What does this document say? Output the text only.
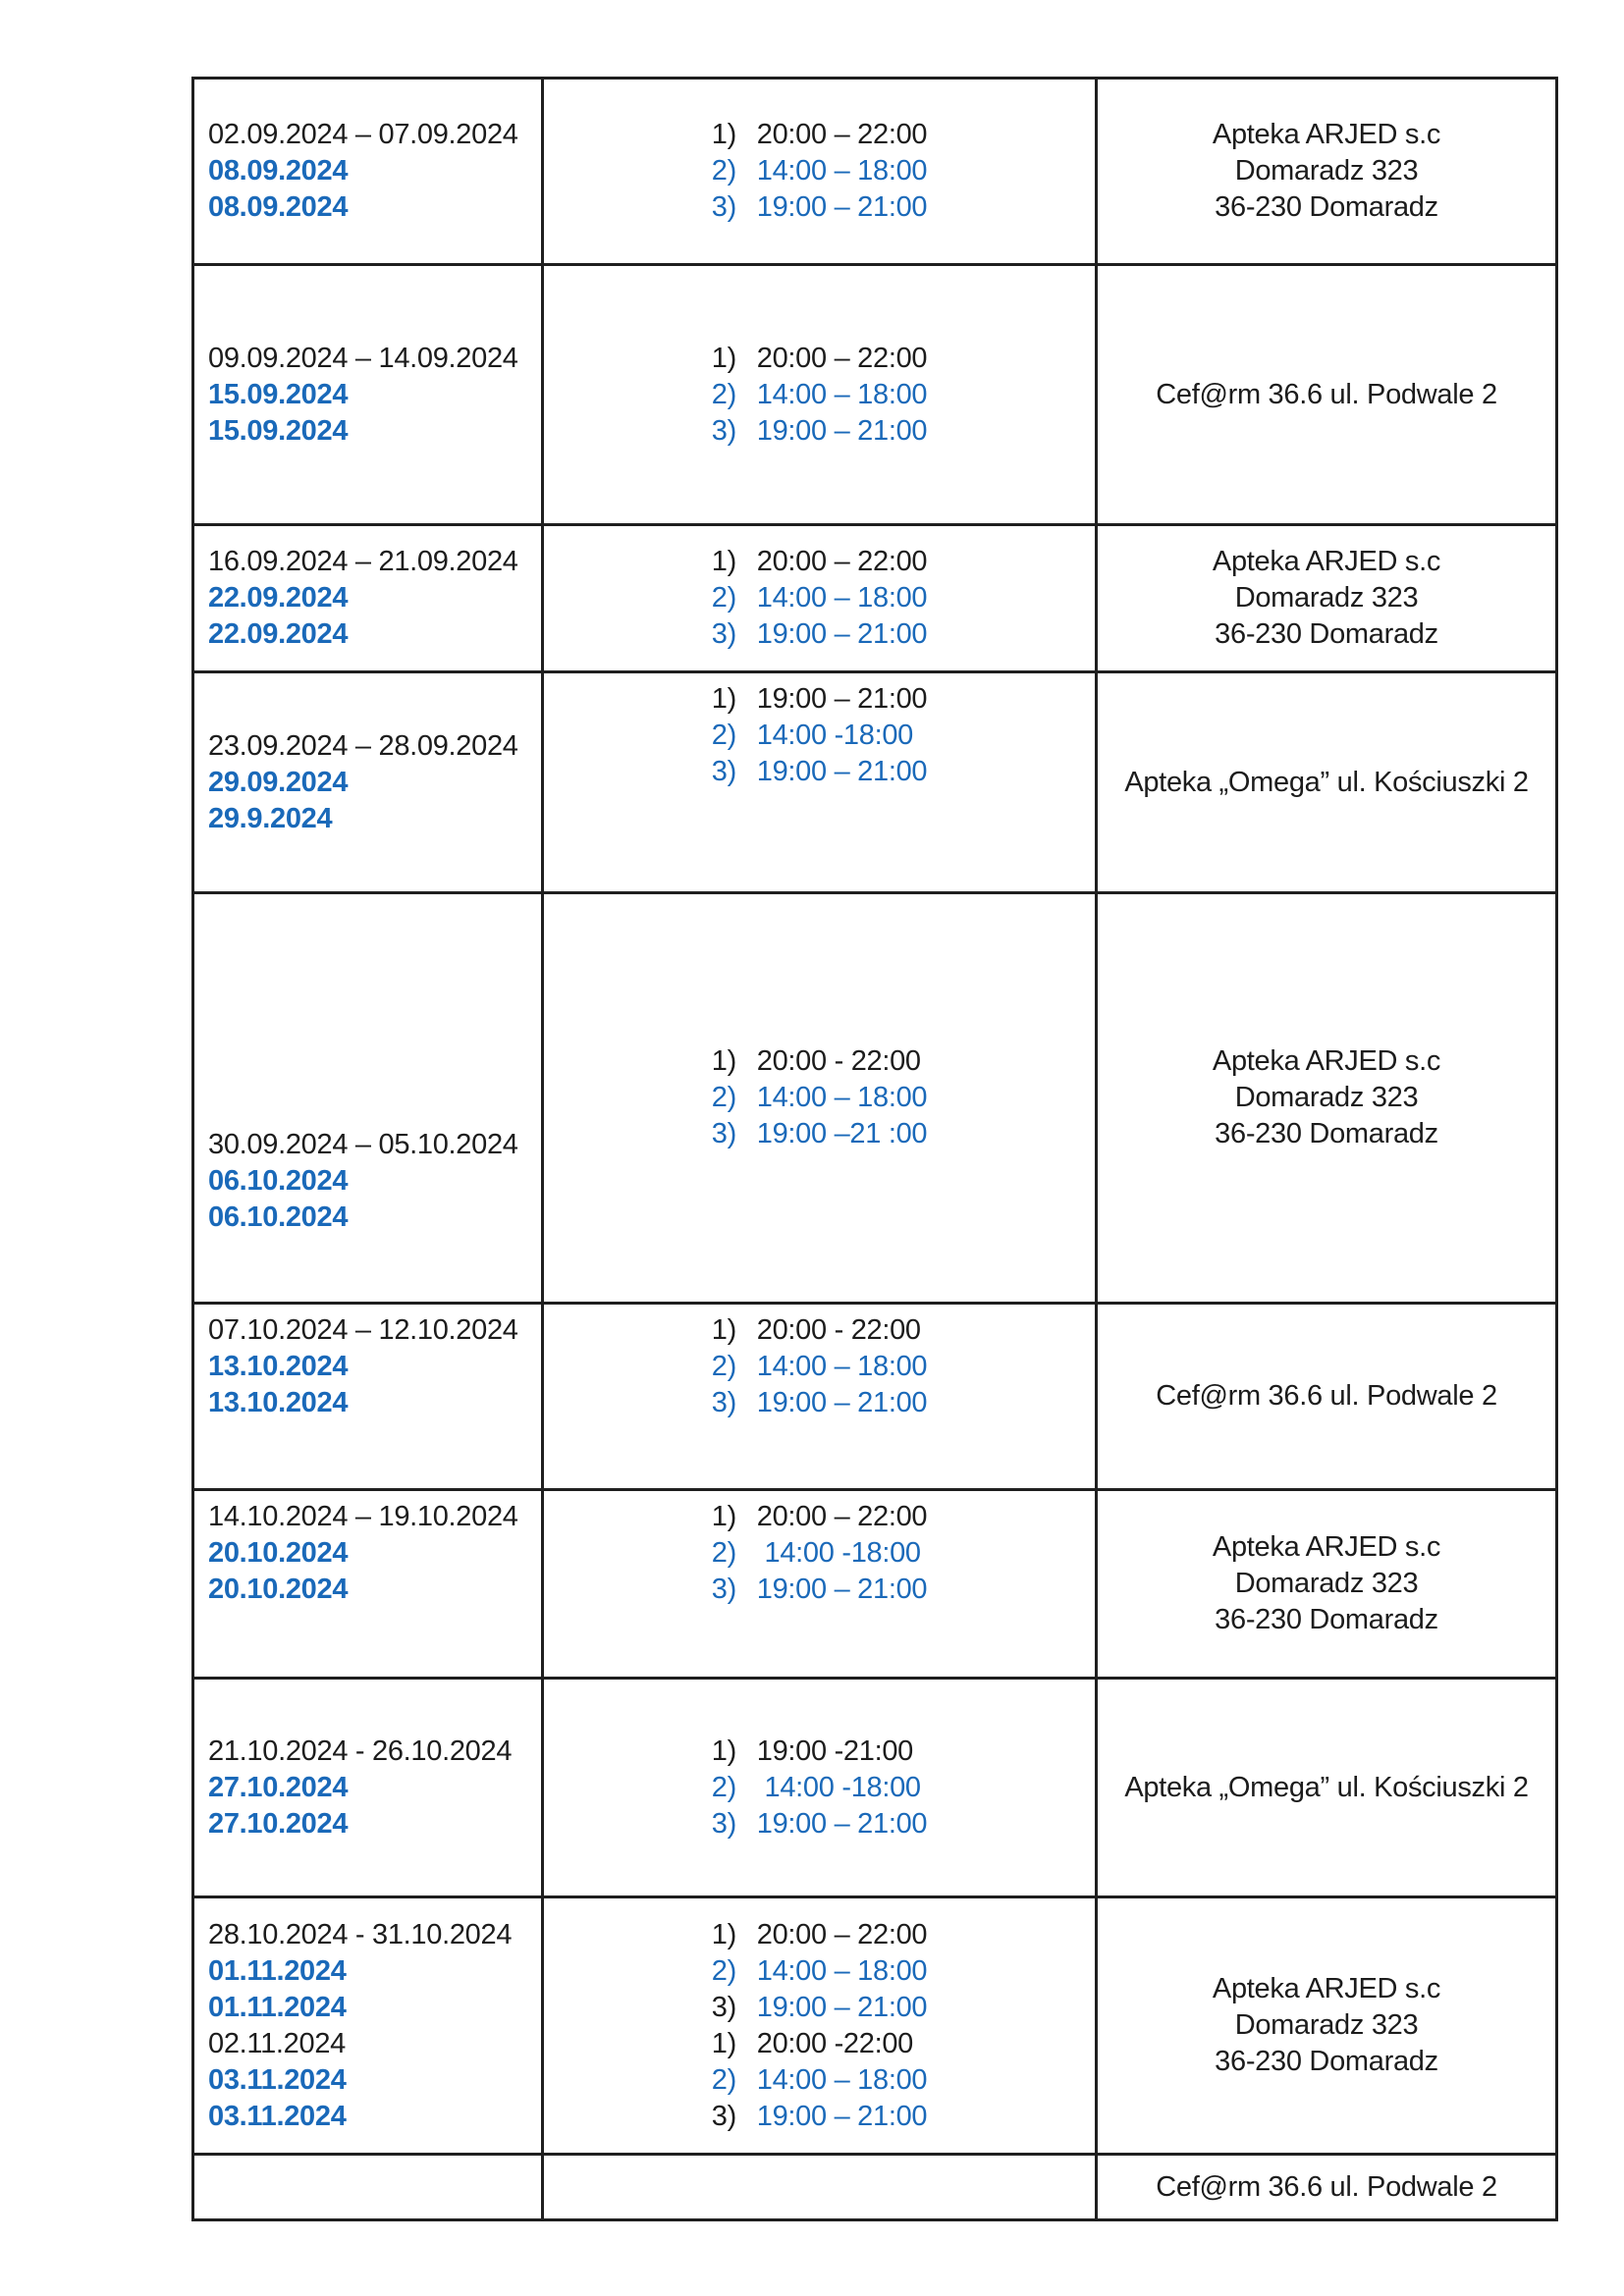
02.09.2024 – 07.09.2024
08.09.2024
08.09.2024
1) 20:00 – 22:00
2) 14:00 – 18:00
3) 19:00 – 21:00
Apteka ARJED s.c
Domaradz 323
36-230 Domaradz
09.09.2024 – 14.09.2024
15.09.2024
15.09.2024
1) 20:00 – 22:00
2) 14:00 – 18:00
3) 19:00 – 21:00
Cef@rm 36.6 ul. Podwale 2
16.09.2024 – 21.09.2024
22.09.2024
22.09.2024
1) 20:00 – 22:00
2) 14:00 – 18:00
3) 19:00 – 21:00
Apteka ARJED s.c
Domaradz 323
36-230 Domaradz
23.09.2024 – 28.09.2024
29.09.2024
29.9.2024
1) 19:00 – 21:00
2) 14:00 -18:00
3) 19:00 – 21:00	Apteka „Omega” ul. Kościuszki 2
30.09.2024 – 05.10.2024
06.10.2024
06.10.2024
1) 20:00 - 22:00
2) 14:00 – 18:00
3) 19:00 –21 :00
Apteka ARJED s.c
Domaradz 323
36-230 Domaradz
07.10.2024 – 12.10.2024
13.10.2024
13.10.2024
1) 20:00 - 22:00
2) 14:00 – 18:00
3) 19:00 – 21:00	Cef@rm 36.6 ul. Podwale 2
14.10.2024 – 19.10.2024
20.10.2024
20.10.2024
1) 20:00 – 22:00
2) 14:00 -18:00
3) 19:00 – 21:00
Apteka ARJED s.c
Domaradz 323
36-230 Domaradz
21.10.2024 - 26.10.2024
27.10.2024
27.10.2024
1) 19:00 -21:00
2) 14:00 -18:00
3) 19:00 – 21:00
Apteka „Omega” ul. Kościuszki 2
28.10.2024 - 31.10.2024
01.11.2024
01.11.2024
02.11.2024
03.11.2024
03.11.2024
1) 20:00 – 22:00
2) 14:00 – 18:00
3) 19:00 – 21:00
1) 20:00 -22:00
2) 14:00 – 18:00
3) 19:00 – 21:00
Apteka ARJED s.c
Domaradz 323
36-230 Domaradz
Cef@rm 36.6 ul. Podwale 2
